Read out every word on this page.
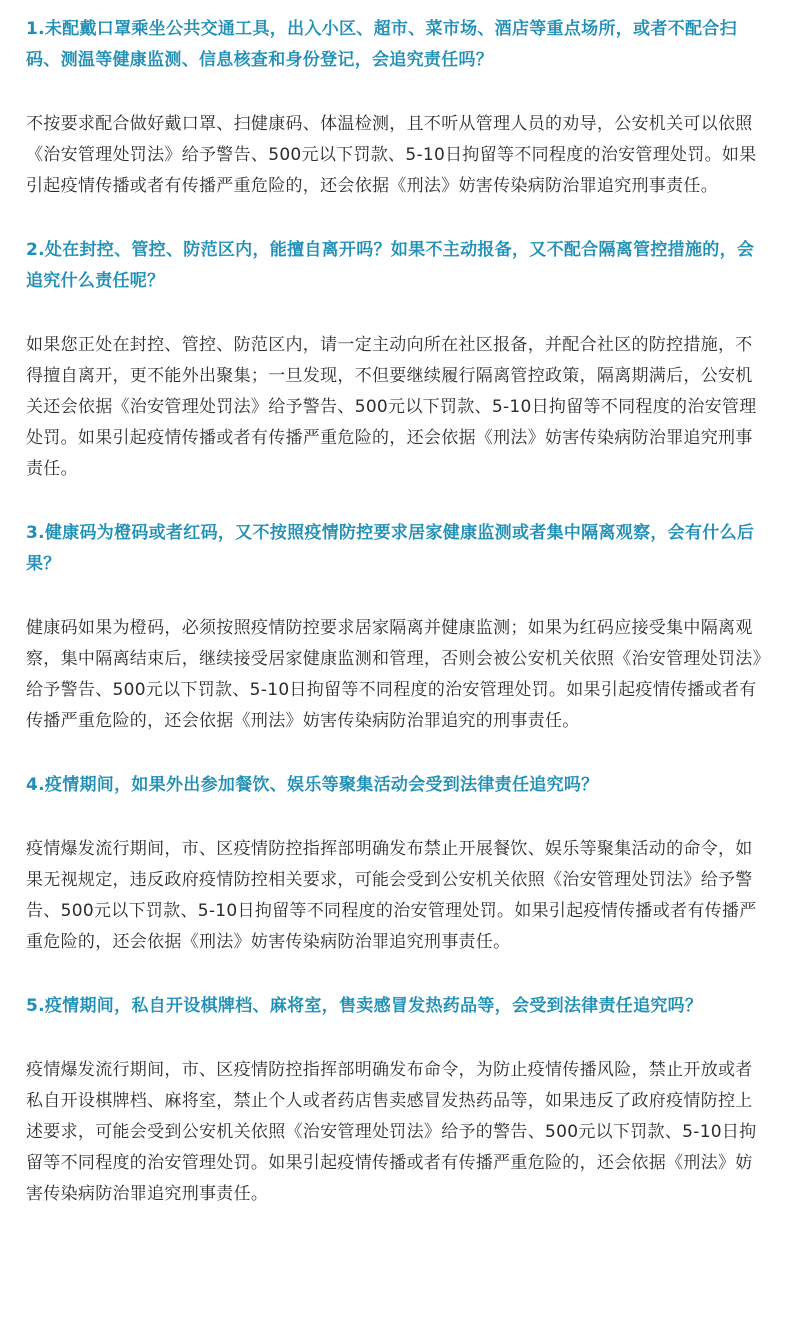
1.未配戴口罩乘坐公共交通工具，出入小区、超市、菜市场、酒店等重点场所，或者不配合扫码、测温等健康监测、信息核查和身份登记，会追究责任吗？

不按要求配合做好戴口罩、扫健康码、体温检测，且不听从管理人员的劝导，公安机关可以依照《治安管理处罚法》给予警告、500元以下罚款、5-10日拘留等不同程度的治安管理处罚。如果引起疫情传播或者有传播严重危险的，还会依据《刑法》妨害传染病防治罪追究刑事责任。

2.处在封控、管控、防范区内，能擅自离开吗？如果不主动报备，又不配合隔离管控措施的，会追究什么责任呢？

如果您正处在封控、管控、防范区内，请一定主动向所在社区报备，并配合社区的防控措施，不得擅自离开，更不能外出聚集；一旦发现，不但要继续履行隔离管控政策，隔离期满后，公安机关还会依据《治安管理处罚法》给予警告、500元以下罚款、5-10日拘留等不同程度的治安管理处罚。如果引起疫情传播或者有传播严重危险的，还会依据《刑法》妨害传染病防治罪追究刑事责任。

3.健康码为橙码或者红码，又不按照疫情防控要求居家健康监测或者集中隔离观察，会有什么后果？

健康码如果为橙码，必须按照疫情防控要求居家隔离并健康监测；如果为红码应接受集中隔离观察，集中隔离结束后，继续接受居家健康监测和管理，否则会被公安机关依照《治安管理处罚法》给予警告、500元以下罚款、5-10日拘留等不同程度的治安管理处罚。如果引起疫情传播或者有传播严重危险的，还会依据《刑法》妨害传染病防治罪追究的刑事责任。

4.疫情期间，如果外出参加餐饮、娱乐等聚集活动会受到法律责任追究吗？

疫情爆发流行期间，市、区疫情防控指挥部明确发布禁止开展餐饮、娱乐等聚集活动的命令，如果无视规定，违反政府疫情防控相关要求，可能会受到公安机关依照《治安管理处罚法》给予警告、500元以下罚款、5-10日拘留等不同程度的治安管理处罚。如果引起疫情传播或者有传播严重危险的，还会依据《刑法》妨害传染病防治罪追究刑事责任。

5.疫情期间，私自开设棋牌档、麻将室，售卖感冒发热药品等，会受到法律责任追究吗？

疫情爆发流行期间，市、区疫情防控指挥部明确发布命令，为防止疫情传播风险，禁止开放或者私自开设棋牌档、麻将室，禁止个人或者药店售卖感冒发热药品等，如果违反了政府疫情防控上述要求，可能会受到公安机关依照《治安管理处罚法》给予的警告、500元以下罚款、5-10日拘留等不同程度的治安管理处罚。如果引起疫情传播或者有传播严重危险的，还会依据《刑法》妨害传染病防治罪追究刑事责任。
